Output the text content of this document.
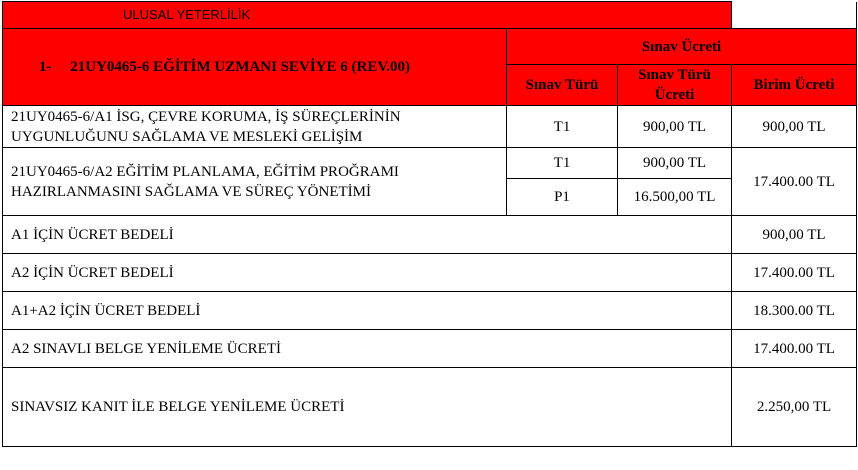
ULUSAL YETERLİLİK			
1- 21UY0465-6 EĞİTİM UZMANI SEVİYE 6 (REV.00)	Sınav Ücreti		
	Sınav Türü	Sınav Türü Ücreti	Birim Ücreti
21UY0465-6/A1 İSG, ÇEVRE KORUMA, İŞ SÜREÇLERİNİN UYGUNLUĞUNU SAĞLAMA VE MESLEKİ GELİŞİM	T1	900,00 TL	900,00 TL
21UY0465-6/A2 EĞİTİM PLANLAMA, EĞİTİM PROĞRAMI HAZIRLANMASINI SAĞLAMA VE SÜREÇ YÖNETİMİ	T1	900,00 TL	17.400.00 TL
	P1	16.500,00 TL	
A1 İÇİN ÜCRET BEDELİ			900,00 TL
A2 İÇİN ÜCRET BEDELİ			17.400.00 TL
A1+A2 İÇİN ÜCRET BEDELİ			18.300.00 TL
A2 SINAVLI BELGE YENİLEME ÜCRETİ			17.400.00 TL
SINAVSIZ KANIT İLE BELGE YENİLEME ÜCRETİ			2.250,00 TL
